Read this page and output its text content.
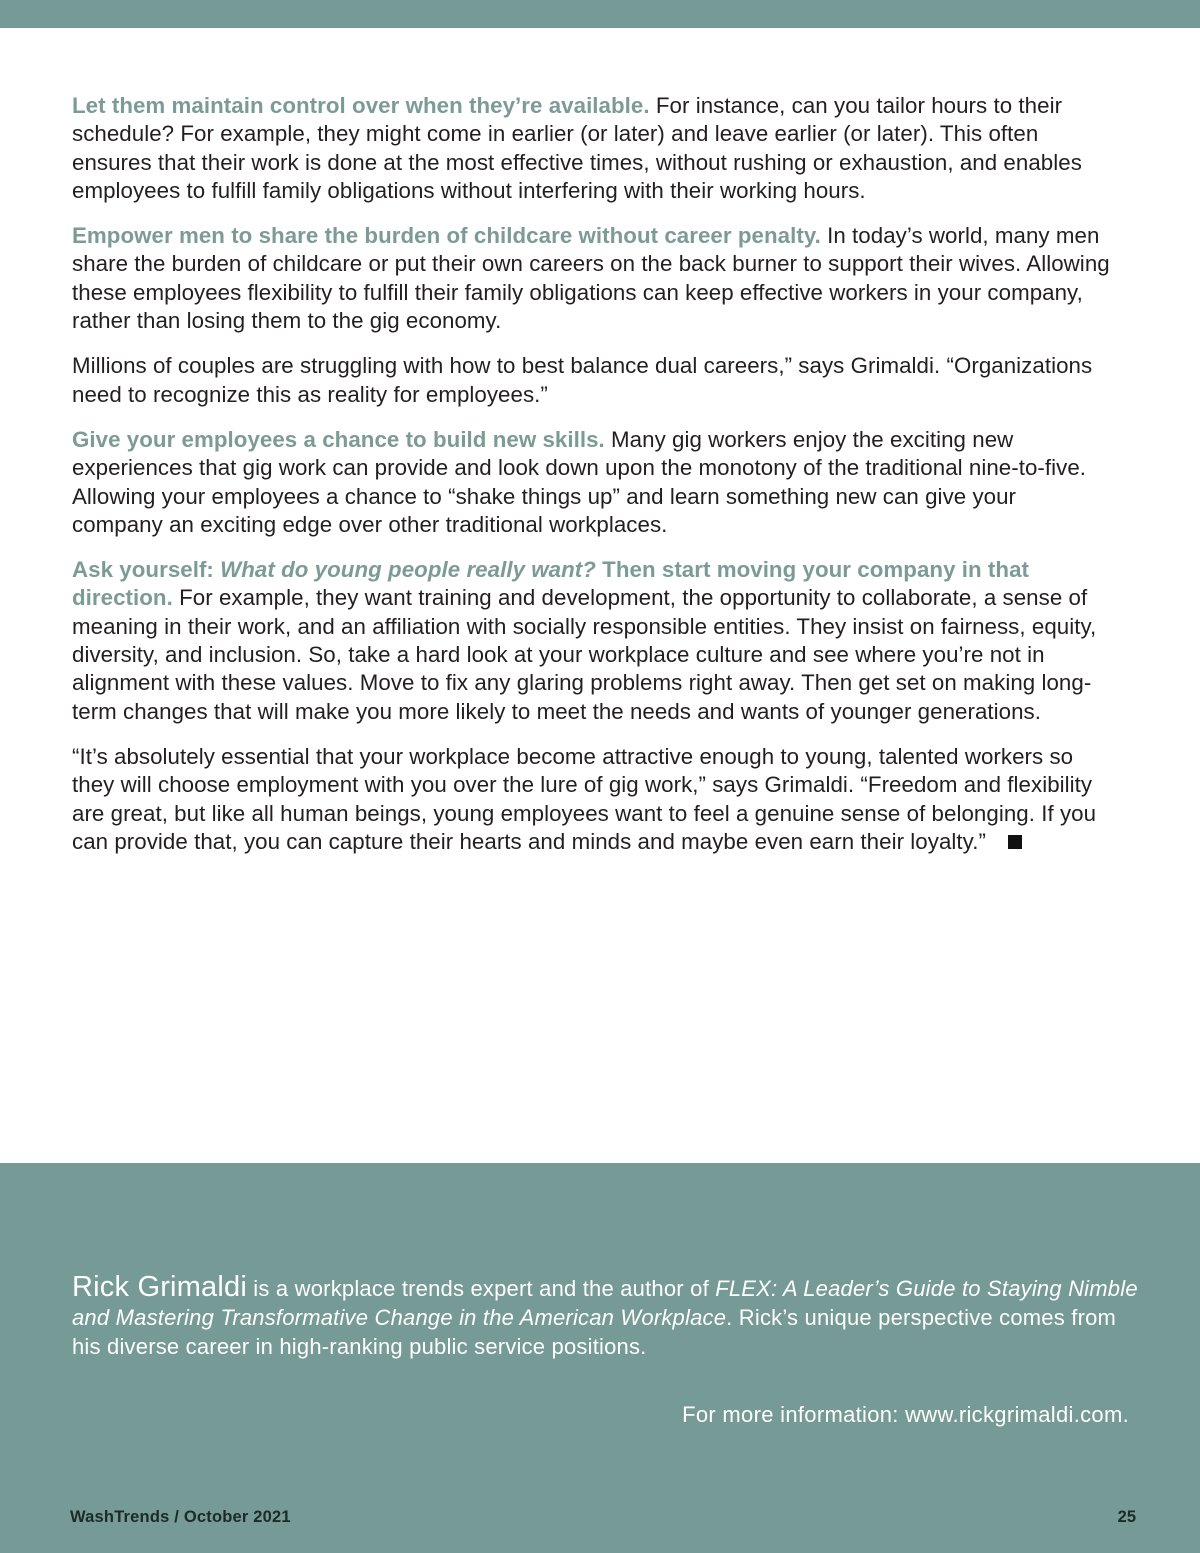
Let them maintain control over when they’re available. For instance, can you tailor hours to their schedule? For example, they might come in earlier (or later) and leave earlier (or later). This often ensures that their work is done at the most effective times, without rushing or exhaustion, and enables employees to fulfill family obligations without interfering with their working hours.

Empower men to share the burden of childcare without career penalty. In today’s world, many men share the burden of childcare or put their own careers on the back burner to support their wives. Allowing these employees flexibility to fulfill their family obligations can keep effective workers in your company, rather than losing them to the gig economy.

Millions of couples are struggling with how to best balance dual careers,” says Grimaldi. “Organizations need to recognize this as reality for employees.”

Give your employees a chance to build new skills. Many gig workers enjoy the exciting new experiences that gig work can provide and look down upon the monotony of the traditional nine-to-five. Allowing your employees a chance to “shake things up” and learn something new can give your company an exciting edge over other traditional workplaces.

Ask yourself: What do young people really want? Then start moving your company in that direction. For example, they want training and development, the opportunity to collaborate, a sense of meaning in their work, and an affiliation with socially responsible entities. They insist on fairness, equity, diversity, and inclusion. So, take a hard look at your workplace culture and see where you’re not in alignment with these values. Move to fix any glaring problems right away. Then get set on making long-term changes that will make you more likely to meet the needs and wants of younger generations.

“It’s absolutely essential that your workplace become attractive enough to young, talented workers so they will choose employment with you over the lure of gig work,” says Grimaldi. “Freedom and flexibility are great, but like all human beings, young employees want to feel a genuine sense of belonging. If you can provide that, you can capture their hearts and minds and maybe even earn their loyalty.”

Rick Grimaldi is a workplace trends expert and the author of FLEX: A Leader’s Guide to Staying Nimble and Mastering Transformative Change in the American Workplace. Rick’s unique perspective comes from his diverse career in high-ranking public service positions.

For more information: www.rickgrimaldi.com.

WashTrends / October 2021	25
